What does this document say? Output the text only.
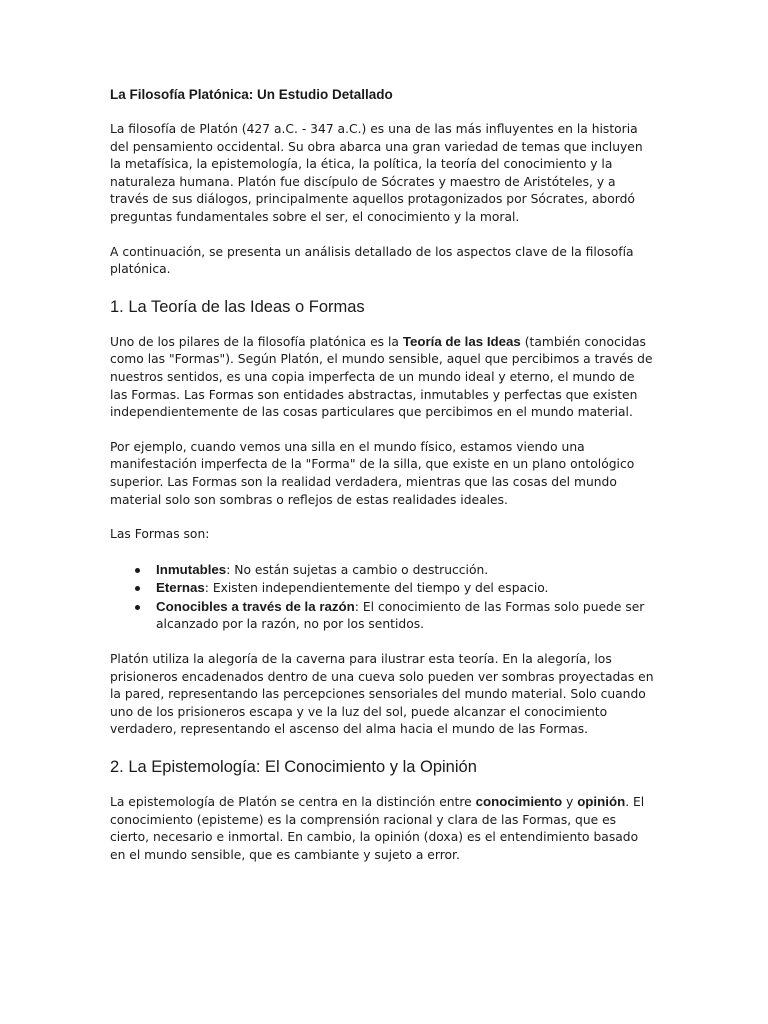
La Filosofía Platónica: Un Estudio Detallado

La filosofía de Platón (427 a.C. - 347 a.C.) es una de las más influyentes en la historia del pensamiento occidental. Su obra abarca una gran variedad de temas que incluyen la metafísica, la epistemología, la ética, la política, la teoría del conocimiento y la naturaleza humana. Platón fue discípulo de Sócrates y maestro de Aristóteles, y a través de sus diálogos, principalmente aquellos protagonizados por Sócrates, abordó preguntas fundamentales sobre el ser, el conocimiento y la moral.

A continuación, se presenta un análisis detallado de los aspectos clave de la filosofía platónica.

1. La Teoría de las Ideas o Formas

Uno de los pilares de la filosofía platónica es la Teoría de las Ideas (también conocidas como las "Formas"). Según Platón, el mundo sensible, aquel que percibimos a través de nuestros sentidos, es una copia imperfecta de un mundo ideal y eterno, el mundo de las Formas. Las Formas son entidades abstractas, inmutables y perfectas que existen independientemente de las cosas particulares que percibimos en el mundo material.

Por ejemplo, cuando vemos una silla en el mundo físico, estamos viendo una manifestación imperfecta de la "Forma" de la silla, que existe en un plano ontológico superior. Las Formas son la realidad verdadera, mientras que las cosas del mundo material solo son sombras o reflejos de estas realidades ideales.

Las Formas son:

Inmutables: No están sujetas a cambio o destrucción.
Eternas: Existen independientemente del tiempo y del espacio.
Conocibles a través de la razón: El conocimiento de las Formas solo puede ser alcanzado por la razón, no por los sentidos.

Platón utiliza la alegoría de la caverna para ilustrar esta teoría. En la alegoría, los prisioneros encadenados dentro de una cueva solo pueden ver sombras proyectadas en la pared, representando las percepciones sensoriales del mundo material. Solo cuando uno de los prisioneros escapa y ve la luz del sol, puede alcanzar el conocimiento verdadero, representando el ascenso del alma hacia el mundo de las Formas.

2. La Epistemología: El Conocimiento y la Opinión

La epistemología de Platón se centra en la distinción entre conocimiento y opinión. El conocimiento (episteme) es la comprensión racional y clara de las Formas, que es cierto, necesario e inmortal. En cambio, la opinión (doxa) es el entendimiento basado en el mundo sensible, que es cambiante y sujeto a error.
